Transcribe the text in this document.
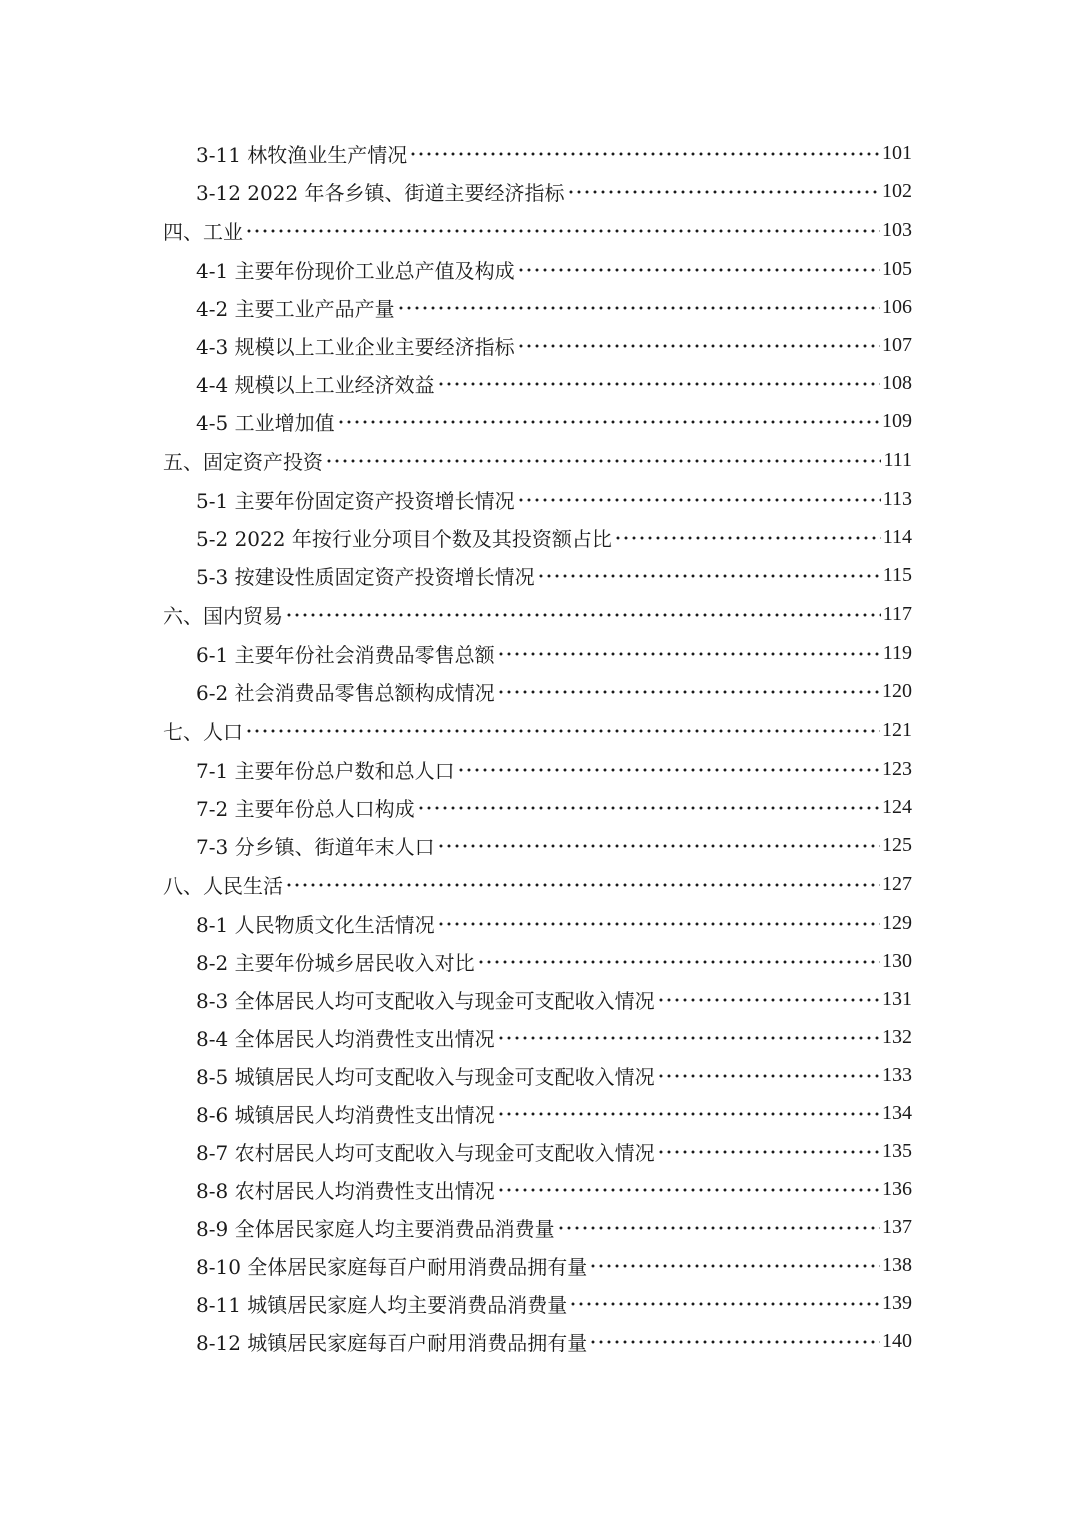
3-11 林牧渔业生产情况	101
3-12 2022 年各乡镇、街道主要经济指标	102
四、工业	103
4-1 主要年份现价工业总产值及构成	105
4-2 主要工业产品产量	106
4-3 规模以上工业企业主要经济指标	107
4-4 规模以上工业经济效益	108
4-5 工业增加值	109
五、固定资产投资	111
5-1 主要年份固定资产投资增长情况	113
5-2 2022 年按行业分项目个数及其投资额占比	114
5-3 按建设性质固定资产投资增长情况	115
六、国内贸易	117
6-1 主要年份社会消费品零售总额	119
6-2 社会消费品零售总额构成情况	120
七、人口	121
7-1 主要年份总户数和总人口	123
7-2 主要年份总人口构成	124
7-3 分乡镇、街道年末人口	125
八、人民生活	127
8-1 人民物质文化生活情况	129
8-2 主要年份城乡居民收入对比	130
8-3 全体居民人均可支配收入与现金可支配收入情况	131
8-4 全体居民人均消费性支出情况	132
8-5 城镇居民人均可支配收入与现金可支配收入情况	133
8-6 城镇居民人均消费性支出情况	134
8-7 农村居民人均可支配收入与现金可支配收入情况	135
8-8 农村居民人均消费性支出情况	136
8-9 全体居民家庭人均主要消费品消费量	137
8-10 全体居民家庭每百户耐用消费品拥有量	138
8-11 城镇居民家庭人均主要消费品消费量	139
8-12 城镇居民家庭每百户耐用消费品拥有量	140
